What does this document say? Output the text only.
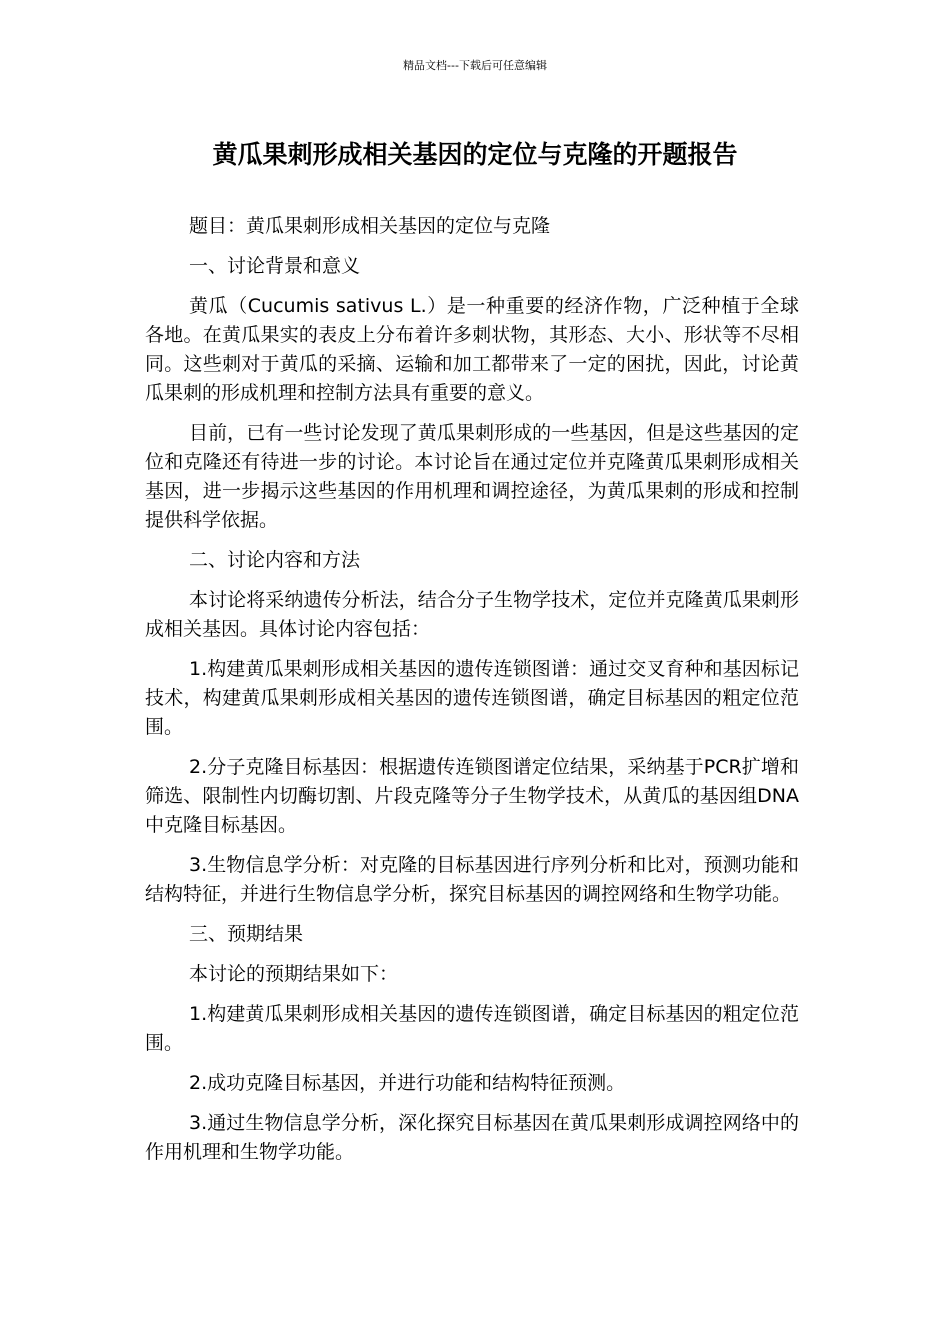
精品文档---下载后可任意编辑
黄瓜果刺形成相关基因的定位与克隆的开题报告

题目：黄瓜果刺形成相关基因的定位与克隆

一、讨论背景和意义

黄瓜（Cucumis sativus L.）是一种重要的经济作物，广泛种植于全球各地。在黄瓜果实的表皮上分布着许多刺状物，其形态、大小、形状等不尽相同。这些刺对于黄瓜的采摘、运输和加工都带来了一定的困扰，因此，讨论黄瓜果刺的形成机理和控制方法具有重要的意义。

目前，已有一些讨论发现了黄瓜果刺形成的一些基因，但是这些基因的定位和克隆还有待进一步的讨论。本讨论旨在通过定位并克隆黄瓜果刺形成相关基因，进一步揭示这些基因的作用机理和调控途径，为黄瓜果刺的形成和控制提供科学依据。

二、讨论内容和方法

本讨论将采纳遗传分析法，结合分子生物学技术，定位并克隆黄瓜果刺形成相关基因。具体讨论内容包括：

1.构建黄瓜果刺形成相关基因的遗传连锁图谱：通过交叉育种和基因标记技术，构建黄瓜果刺形成相关基因的遗传连锁图谱，确定目标基因的粗定位范围。

2.分子克隆目标基因：根据遗传连锁图谱定位结果，采纳基于PCR扩增和筛选、限制性内切酶切割、片段克隆等分子生物学技术，从黄瓜的基因组DNA中克隆目标基因。

3.生物信息学分析：对克隆的目标基因进行序列分析和比对，预测功能和结构特征，并进行生物信息学分析，探究目标基因的调控网络和生物学功能。

三、预期结果

本讨论的预期结果如下：

1.构建黄瓜果刺形成相关基因的遗传连锁图谱，确定目标基因的粗定位范围。

2.成功克隆目标基因，并进行功能和结构特征预测。

3.通过生物信息学分析，深化探究目标基因在黄瓜果刺形成调控网络中的作用机理和生物学功能。
